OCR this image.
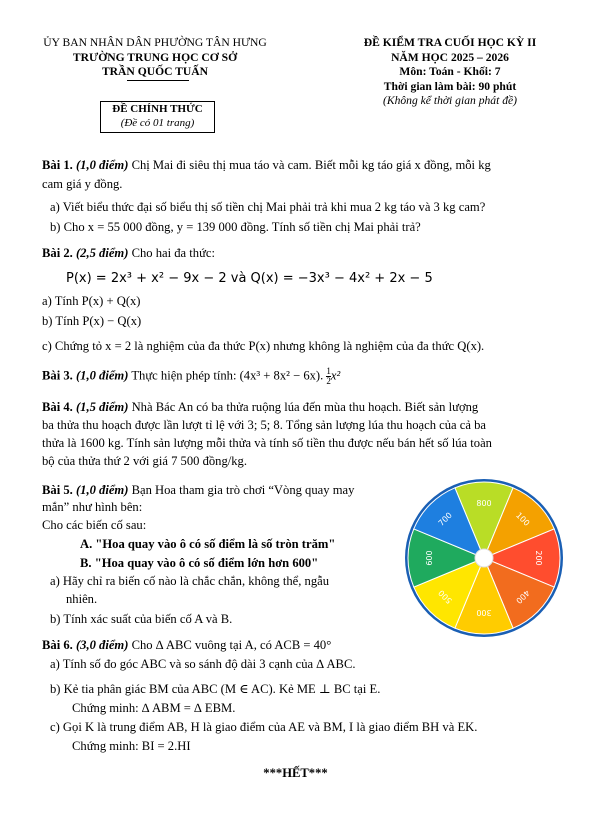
ỦY BAN NHÂN DÂN PHƯỜNG TÂN HƯNG
TRƯỜNG TRUNG HỌC CƠ SỞ
TRẦN QUỐC TUẤN
ĐỀ CHÍNH THỨC
(Đề có 01 trang)
ĐỀ KIỂM TRA CUỐI HỌC KỲ II
NĂM HỌC 2025 – 2026
Môn: Toán - Khối: 7
Thời gian làm bài: 90 phút
(Không kể thời gian phát đề)
Bài 1. (1,0 điểm) Chị Mai đi siêu thị mua táo và cam. Biết mỗi kg táo giá x đồng, mỗi kg
cam giá y đồng.
a) Viết biểu thức đại số biểu thị số tiền chị Mai phải trả khi mua 2 kg táo và 3 kg cam?
b) Cho x = 55 000 đồng, y = 139 000 đồng. Tính số tiền chị Mai phải trả?
Bài 2. (2,5 điểm) Cho hai đa thức:
P(x) = 2x³ + x² − 9x − 2 và Q(x) = −3x³ − 4x² + 2x − 5
a) Tính P(x) + Q(x)
b) Tính P(x) − Q(x)
c) Chứng tỏ x = 2 là nghiệm của đa thức P(x) nhưng không là nghiệm của đa thức Q(x).
Bài 3. (1,0 điểm) Thực hiện phép tính: (4x³ + 8x² − 6x). $\frac{1}{2} x^2$
Bài 4. (1,5 điểm) Nhà Bác An có ba thửa ruộng lúa đến mùa thu hoạch. Biết sản lượng
ba thửa thu hoạch được lần lượt tỉ lệ với 3; 5; 8. Tổng sản lượng lúa thu hoạch của cả ba
thửa là 1600 kg. Tính sản lượng mỗi thửa và tính số tiền thu được nếu bán hết số lúa toàn
bộ của thửa thứ 2 với giá 7 500 đồng/kg.
Bài 5. (1,0 điểm) Bạn Hoa tham gia trò chơi “Vòng quay may
mắn” như hình bên:
Cho các biến cố sau:
A. "Hoa quay vào ô có số điểm là số tròn trăm"
B. "Hoa quay vào ô có số điểm lớn hơn 600"
a) Hãy chỉ ra biến cố nào là chắc chắn, không thể, ngẫu
nhiên.
b) Tính xác suất của biến cố A và B.
800
100
200
400
300
500
600
700
Bài 6. (3,0 điểm) Cho ∆ ABC vuông tại A, có ACB = 40°
a) Tính số đo góc ABC và so sánh độ dài 3 cạnh của ∆ ABC.
b) Kẻ tia phân giác BM của ABC (M ∈ AC). Kẻ ME ⊥ BC tại E.
Chứng minh: ∆ ABM = ∆ EBM.
c) Gọi K là trung điểm AB, H là giao điểm của AE và BM, I là giao điểm BH và EK.
Chứng minh: BI = 2.HI
***HẾT***
